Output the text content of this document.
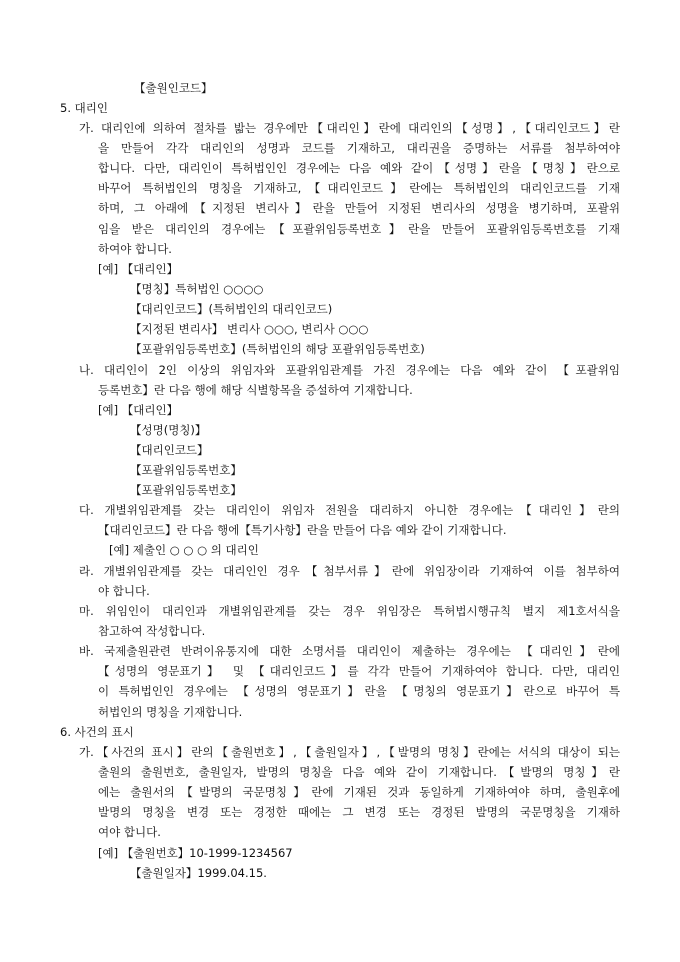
【출원인코드】
5. 대리인
가. 대리인에 의하여 절차를 밟는 경우에만【대리인】란에 대리인의【성명】,【대리인코드】란
을 만들어 각각 대리인의 성명과 코드를 기재하고, 대리권을 증명하는 서류를 첨부하여야
합니다. 다만, 대리인이 특허법인인 경우에는 다음 예와 같이【성명】란을【명칭】란으로
바꾸어 특허법인의 명칭을 기재하고,【대리인코드】란에는 특허법인의 대리인코드를 기재
하며, 그 아래에【지정된 변리사】란을 만들어 지정된 변리사의 성명을 병기하며, 포괄위
임을 받은 대리인의 경우에는【포괄위임등록번호】란을 만들어 포괄위임등록번호를 기재
하여야 합니다.
[예] 【대리인】
【명칭】특허법인 ○○○○
【대리인코드】(특허법인의 대리인코드)
【지정된 변리사】 변리사 ○○○, 변리사 ○○○
【포괄위임등록번호】(특허법인의 해당 포괄위임등록번호)
나. 대리인이 2인 이상의 위임자와 포괄위임관계를 가진 경우에는 다음 예와 같이 【포괄위임
등록번호】란 다음 행에 해당 식별항목을 증설하여 기재합니다.
[예] 【대리인】
【성명(명칭)】
【대리인코드】
【포괄위임등록번호】
【포괄위임등록번호】
다. 개별위임관계를 갖는 대리인이 위임자 전원을 대리하지 아니한 경우에는【대리인】란의
【대리인코드】란 다음 행에【특기사항】란을 만들어 다음 예와 같이 기재합니다.
[예] 제출인 ○ ○ ○ 의 대리인
라. 개별위임관계를 갖는 대리인인 경우【첨부서류】란에 위임장이라 기재하여 이를 첨부하여
야 합니다.
마. 위임인이 대리인과 개별위임관계를 갖는 경우 위임장은 특허법시행규칙 별지 제1호서식을
참고하여 작성합니다.
바. 국제출원관련 반려이유통지에 대한 소명서를 대리인이 제출하는 경우에는 【대리인】란에
【성명의 영문표기】 및 【대리인코드】를 각각 만들어 기재하여야 합니다. 다만, 대리인
이 특허법인인 경우에는 【성명의 영문표기】란을 【명칭의 영문표기】란으로 바꾸어 특
허법인의 명칭을 기재합니다.
6. 사건의 표시
가.【사건의 표시】란의【출원번호】,【출원일자】,【발명의 명칭】란에는 서식의 대상이 되는
출원의 출원번호, 출원일자, 발명의 명칭을 다음 예와 같이 기재합니다.【발명의 명칭】란
에는 출원서의【발명의 국문명칭】란에 기재된 것과 동일하게 기재하여야 하며, 출원후에
발명의 명칭을 변경 또는 경정한 때에는 그 변경 또는 경정된 발명의 국문명칭을 기재하
여야 합니다.
[예] 【출원번호】10-1999-1234567
【출원일자】1999.04.15.
